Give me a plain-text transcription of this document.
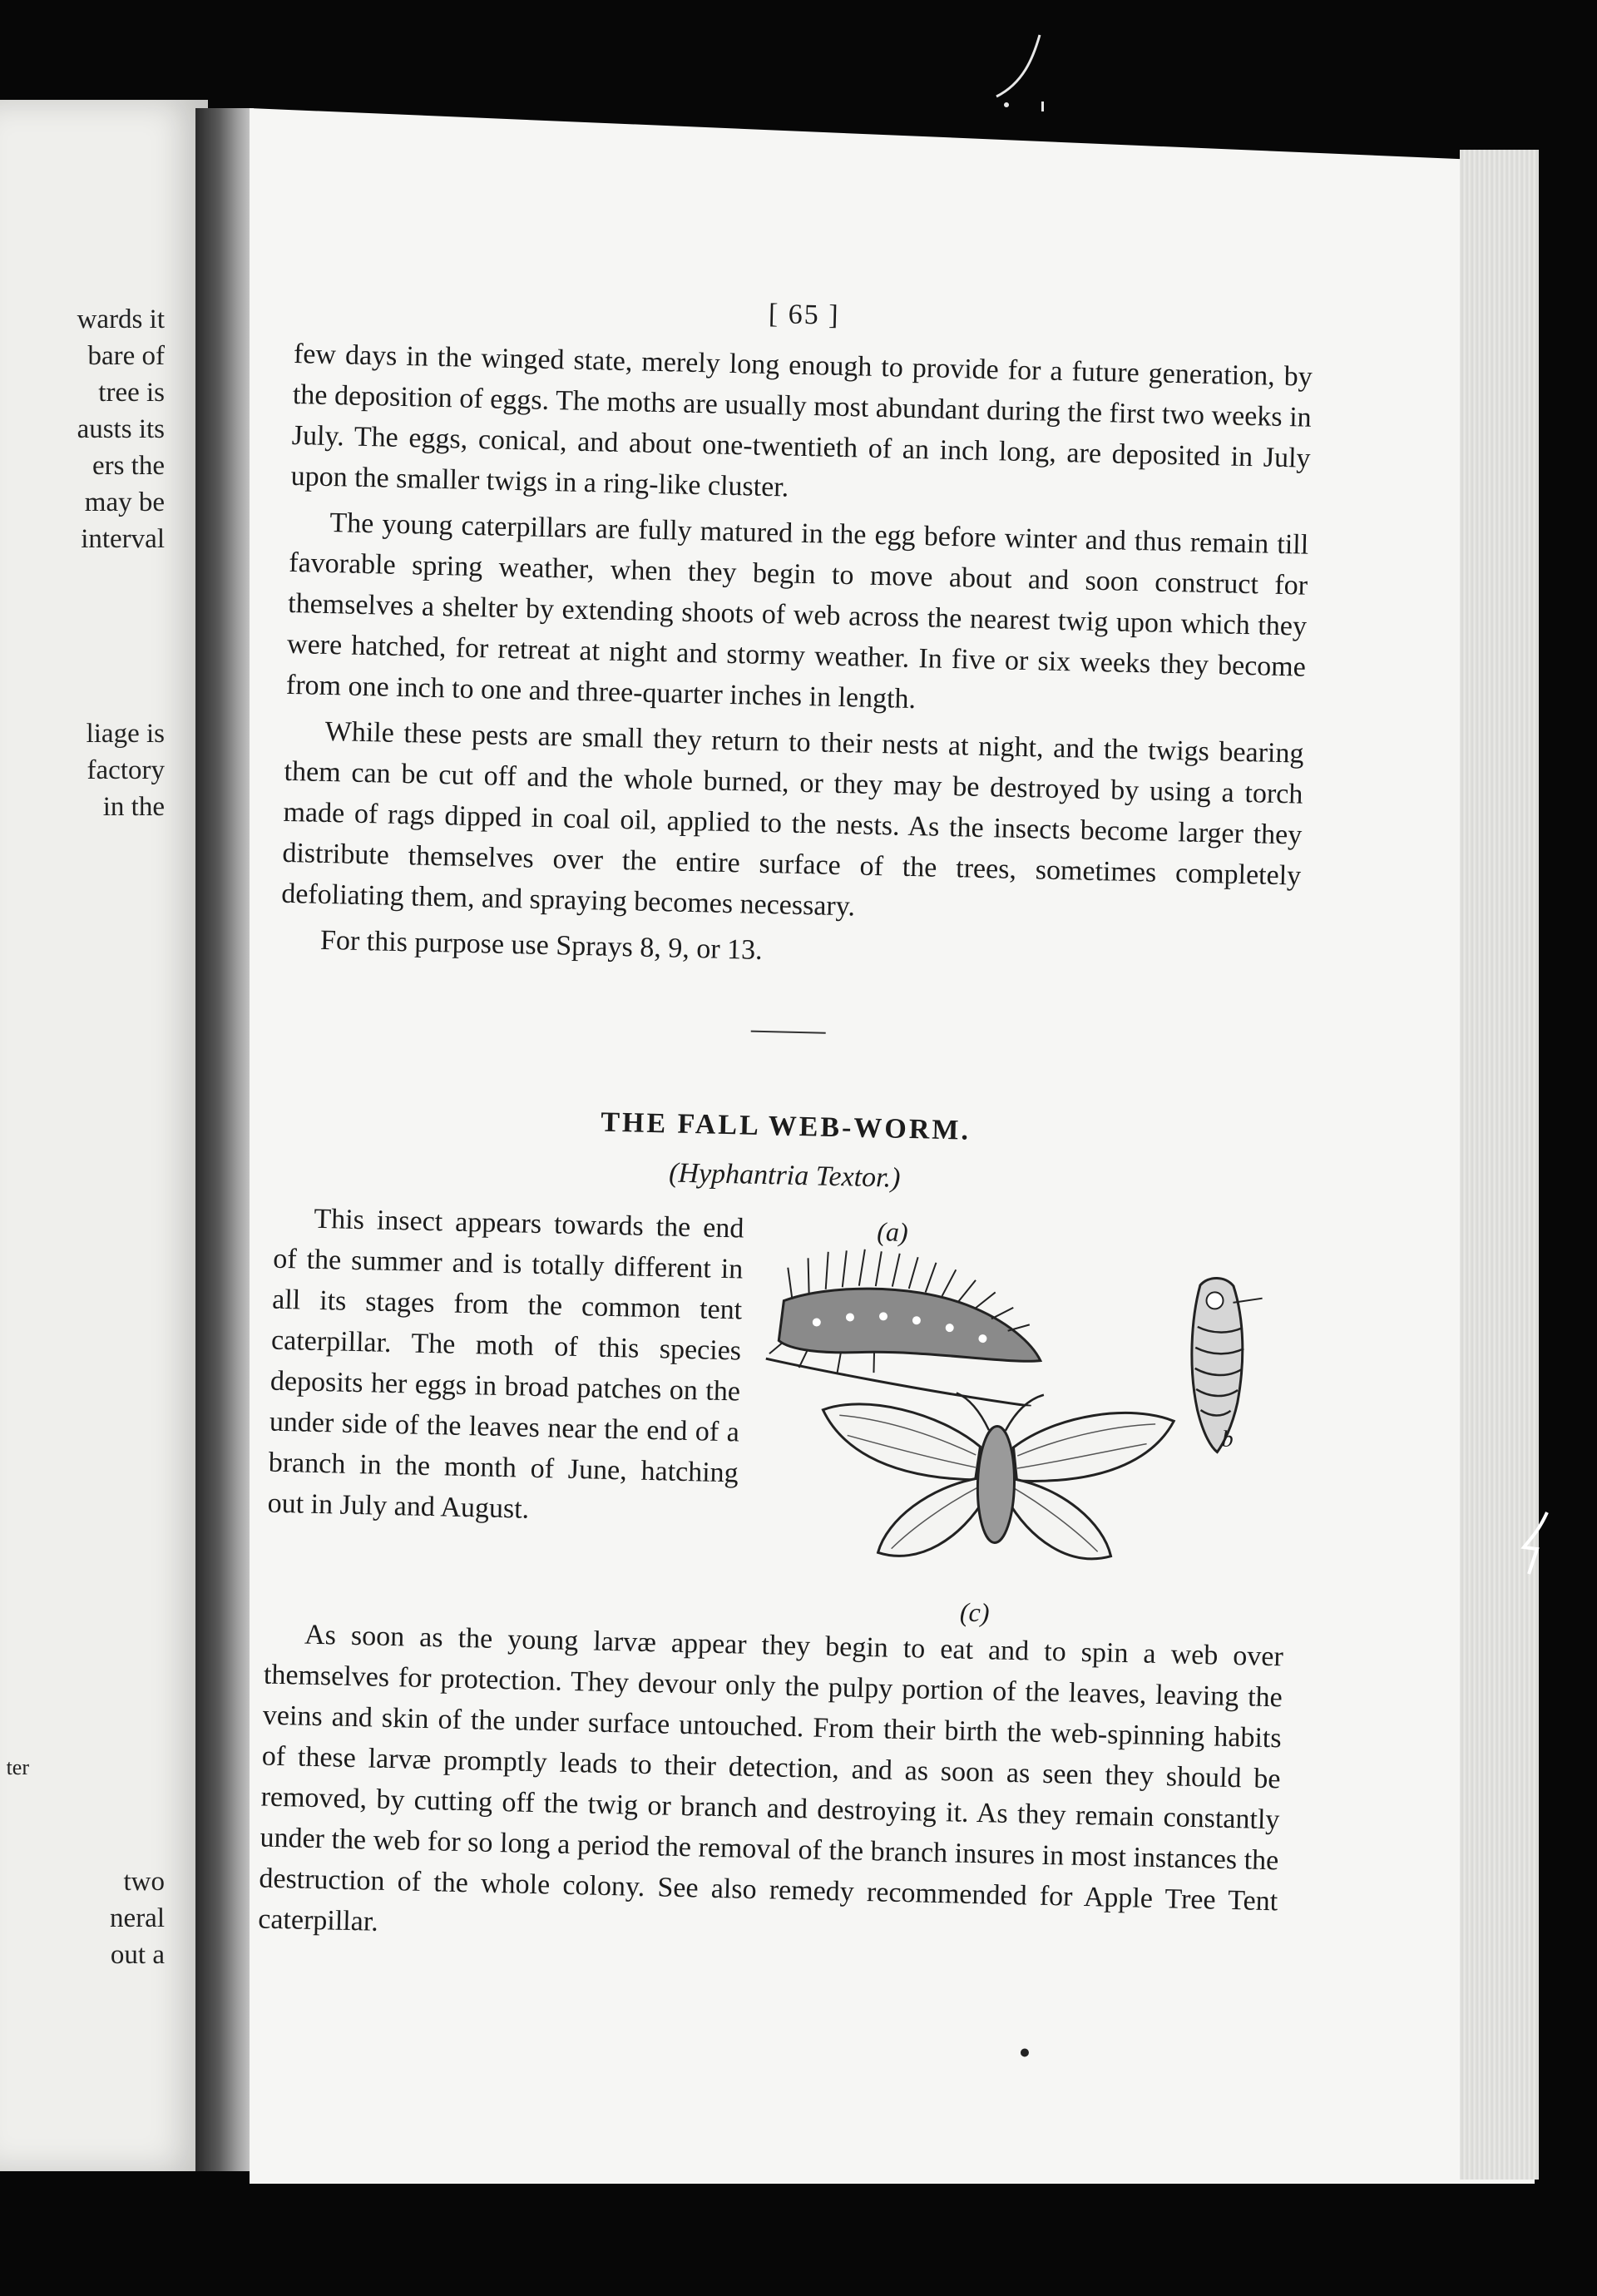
wards it
bare of
tree is
austs its
ers the
may be
interval
liage is
factory
in the
ter
two
neral
out a
[ 65 ]

few days in the winged state, merely long enough to provide for a future generation, by the deposition of eggs. The moths are usually most abundant during the first two weeks in July. The eggs, conical, and about one-twentieth of an inch long, are deposited in July upon the smaller twigs in a ring-like cluster.

The young caterpillars are fully matured in the egg before winter and thus remain till favorable spring weather, when they begin to move about and soon construct for themselves a shelter by extending shoots of web across the nearest twig upon which they were hatched, for retreat at night and stormy weather. In five or six weeks they become from one inch to one and three-quarter inches in length.

While these pests are small they return to their nests at night, and the twigs bearing them can be cut off and the whole burned, or they may be destroyed by using a torch made of rags dipped in coal oil, applied to the nests. As the insects become larger they distribute themselves over the entire surface of the trees, sometimes completely defoliating them, and spraying becomes necessary.

For this purpose use Sprays 8, 9, or 13.

THE FALL WEB-WORM.
(Hyphantria Textor.)

This insect appears towards the end of the summer and is totally different in all its stages from the common tent caterpillar. The moth of this species deposits her eggs in broad patches on the under side of the leaves near the end of a branch in the month of June, hatching out in July and August.

(a)
b
(c)

As soon as the young larvæ appear they begin to eat and to spin a web over themselves for protection. They devour only the pulpy portion of the leaves, leaving the veins and skin of the under surface untouched. From their birth the web-spinning habits of these larvæ promptly leads to their detection, and as soon as seen they should be removed, by cutting off the twig or branch and destroying it. As they remain constantly under the web for so long a period the removal of the branch insures in most instances the destruction of the whole colony. See also remedy recommended for Apple Tree Tent caterpillar.
